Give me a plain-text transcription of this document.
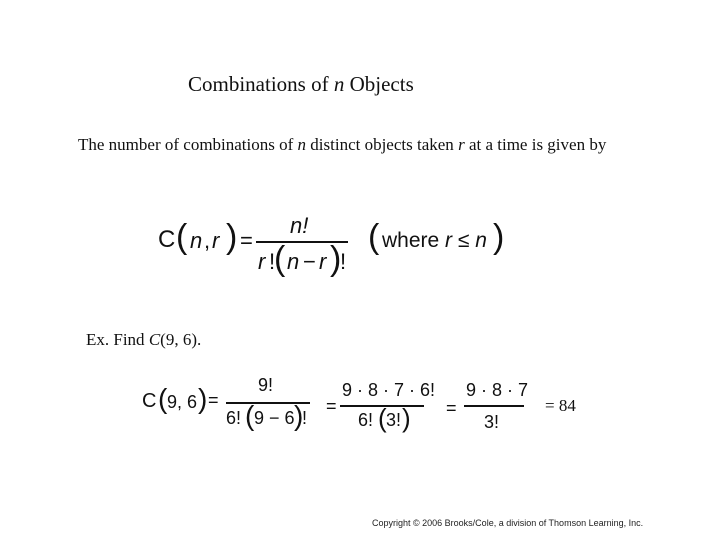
Combinations of n Objects
The number of combinations of n distinct objects taken r at a time is given by
C ( n , r ) =
n!
r !
( n − r )
!
( where r ≤ n )
Ex. Find C(9, 6).
C ( 9, 6 ) =
9!
6! ( 9 − 6 )
!
=
9 · 8 · 7 · 6!
6! ( 3! ) =
9 · 8 · 7
3!
= 84
Copyright © 2006 Brooks/Cole, a division of Thomson Learning, Inc.
